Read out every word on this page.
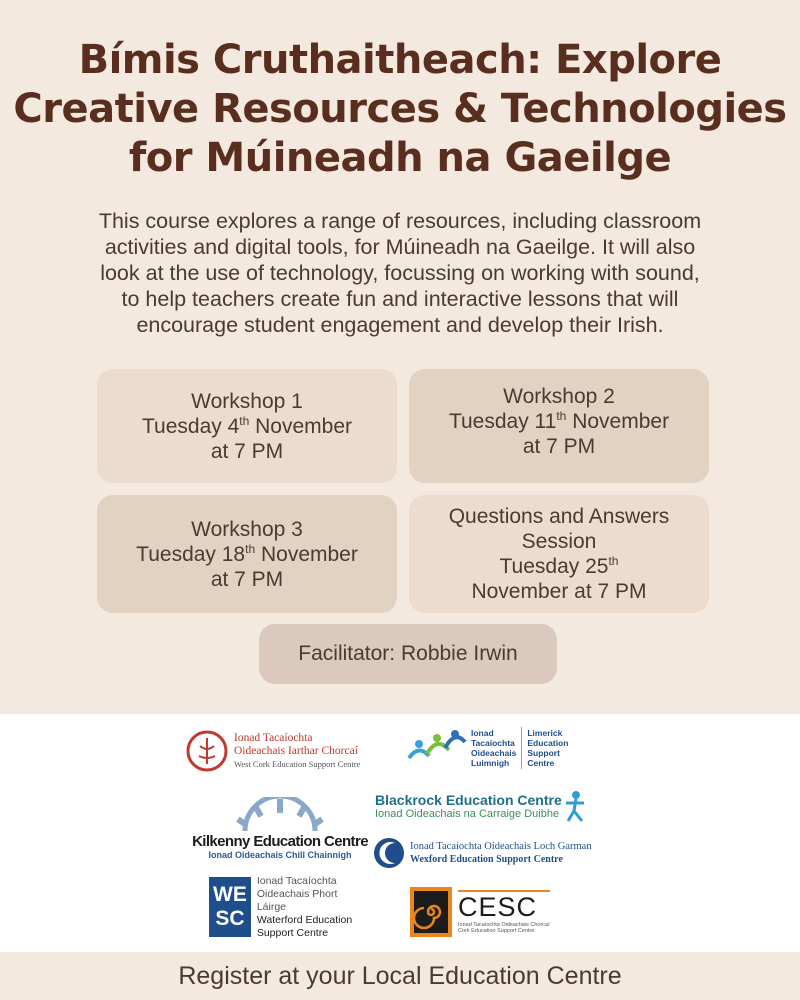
Bímis Cruthaitheach: Explore
Creative Resources & Technologies
for Múineadh na Gaeilge
This course explores a range of resources, including classroom
activities and digital tools, for Múineadh na Gaeilge. It will also
look at the use of technology, focussing on working with sound,
to help teachers create fun and interactive lessons that will
encourage student engagement and develop their Irish.
Workshop 1
Tuesday 4th November
at 7 PM
Workshop 2
Tuesday 11th November
at 7 PM
Workshop 3
Tuesday 18th November
at 7 PM
Questions and Answers
Session
Tuesday 25th
November at 7 PM
Facilitator: Robbie Irwin
Ionad Tacaíochta
Oideachais Iarthar Chorcaí
West Cork Education Support Centre
Ionad
Tacaíochta
Oideachais
Luimnigh
Limerick
Education
Support
Centre
Kilkenny Education Centre
Ionad Oideachais Chill Chainnigh
Blackrock Education Centre
Ionad Oideachais na Carraige Duibhe
Ionad Tacaíochta Oideachais Loch Garman
Wexford Education Support Centre
WE
SC
Ionad Tacaíochta
Oideachais Phort Láirge
Waterford Education
Support Centre
CESC
Ionad Tacaíochta Oideachais Chorcaí
Cork Education Support Centre
Register at your Local Education Centre
